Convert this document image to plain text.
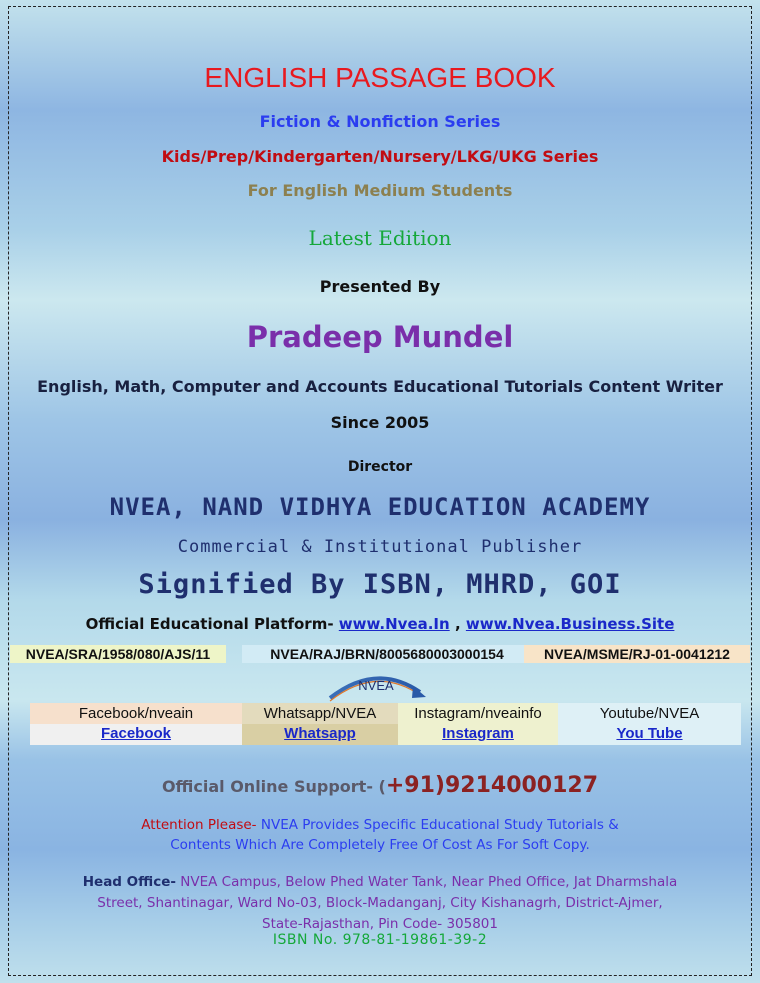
ENGLISH PASSAGE BOOK
Fiction & Nonfiction Series
Kids/Prep/Kindergarten/Nursery/LKG/UKG Series
For English Medium Students
Latest Edition
Presented By
Pradeep Mundel
English, Math, Computer and Accounts Educational Tutorials Content Writer
Since 2005
Director
NVEA, NAND VIDHYA EDUCATION ACADEMY
Commercial & Institutional Publisher
Signified By ISBN, MHRD, GOI
Official Educational Platform- www.Nvea.In , www.Nvea.Business.Site
NVEA/SRA/1958/080/AJS/11	NVEA/RAJ/BRN/8005680003000154	NVEA/MSME/RJ-01-0041212
NVEA
Facebook/nveain
Facebook
Whatsapp/NVEA
Whatsapp
Instagram/nveainfo
Instagram
Youtube/NVEA
You Tube
Official Online Support- (+91)9214000127
Attention Please- NVEA Provides Specific Educational Study Tutorials &
Contents Which Are Completely Free Of Cost As For Soft Copy.
Head Office- NVEA Campus, Below Phed Water Tank, Near Phed Office, Jat Dharmshala
Street, Shantinagar, Ward No-03, Block-Madanganj, City Kishanagrh, District-Ajmer,
State-Rajasthan, Pin Code- 305801
ISBN No. 978-81-19861-39-2
